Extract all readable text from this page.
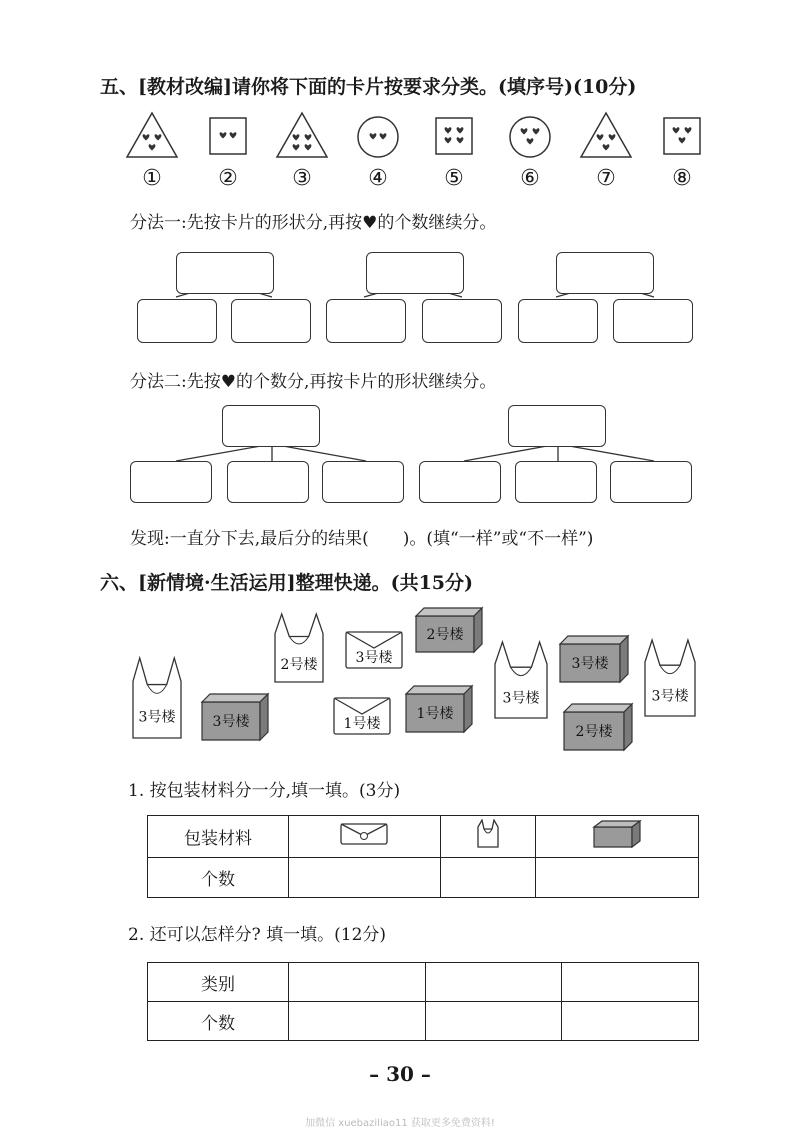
五、[教材改编]请你将下面的卡片按要求分类。(填序号)(10分)
①	②	③	④	⑤	⑥	⑦	⑧
分法一:先按卡片的形状分,再按♥的个数继续分。
分法二:先按♥的个数分,再按卡片的形状继续分。
发现:一直分下去,最后分的结果(　　)。(填“一样”或“不一样”)
六、[新情境·生活运用]整理快递。(共15分)
2号楼	3号楼
2号楼
3号楼	3号楼	1号楼
1号楼
3号楼
3号楼
2号楼
3号楼
1. 按包装材料分一分,填一填。(3分)
包装材料			
个数			
2. 还可以怎样分? 填一填。(12分)
类别			
个数			
– 30 –
加微信 xuebaziliao11 获取更多免费资料!
